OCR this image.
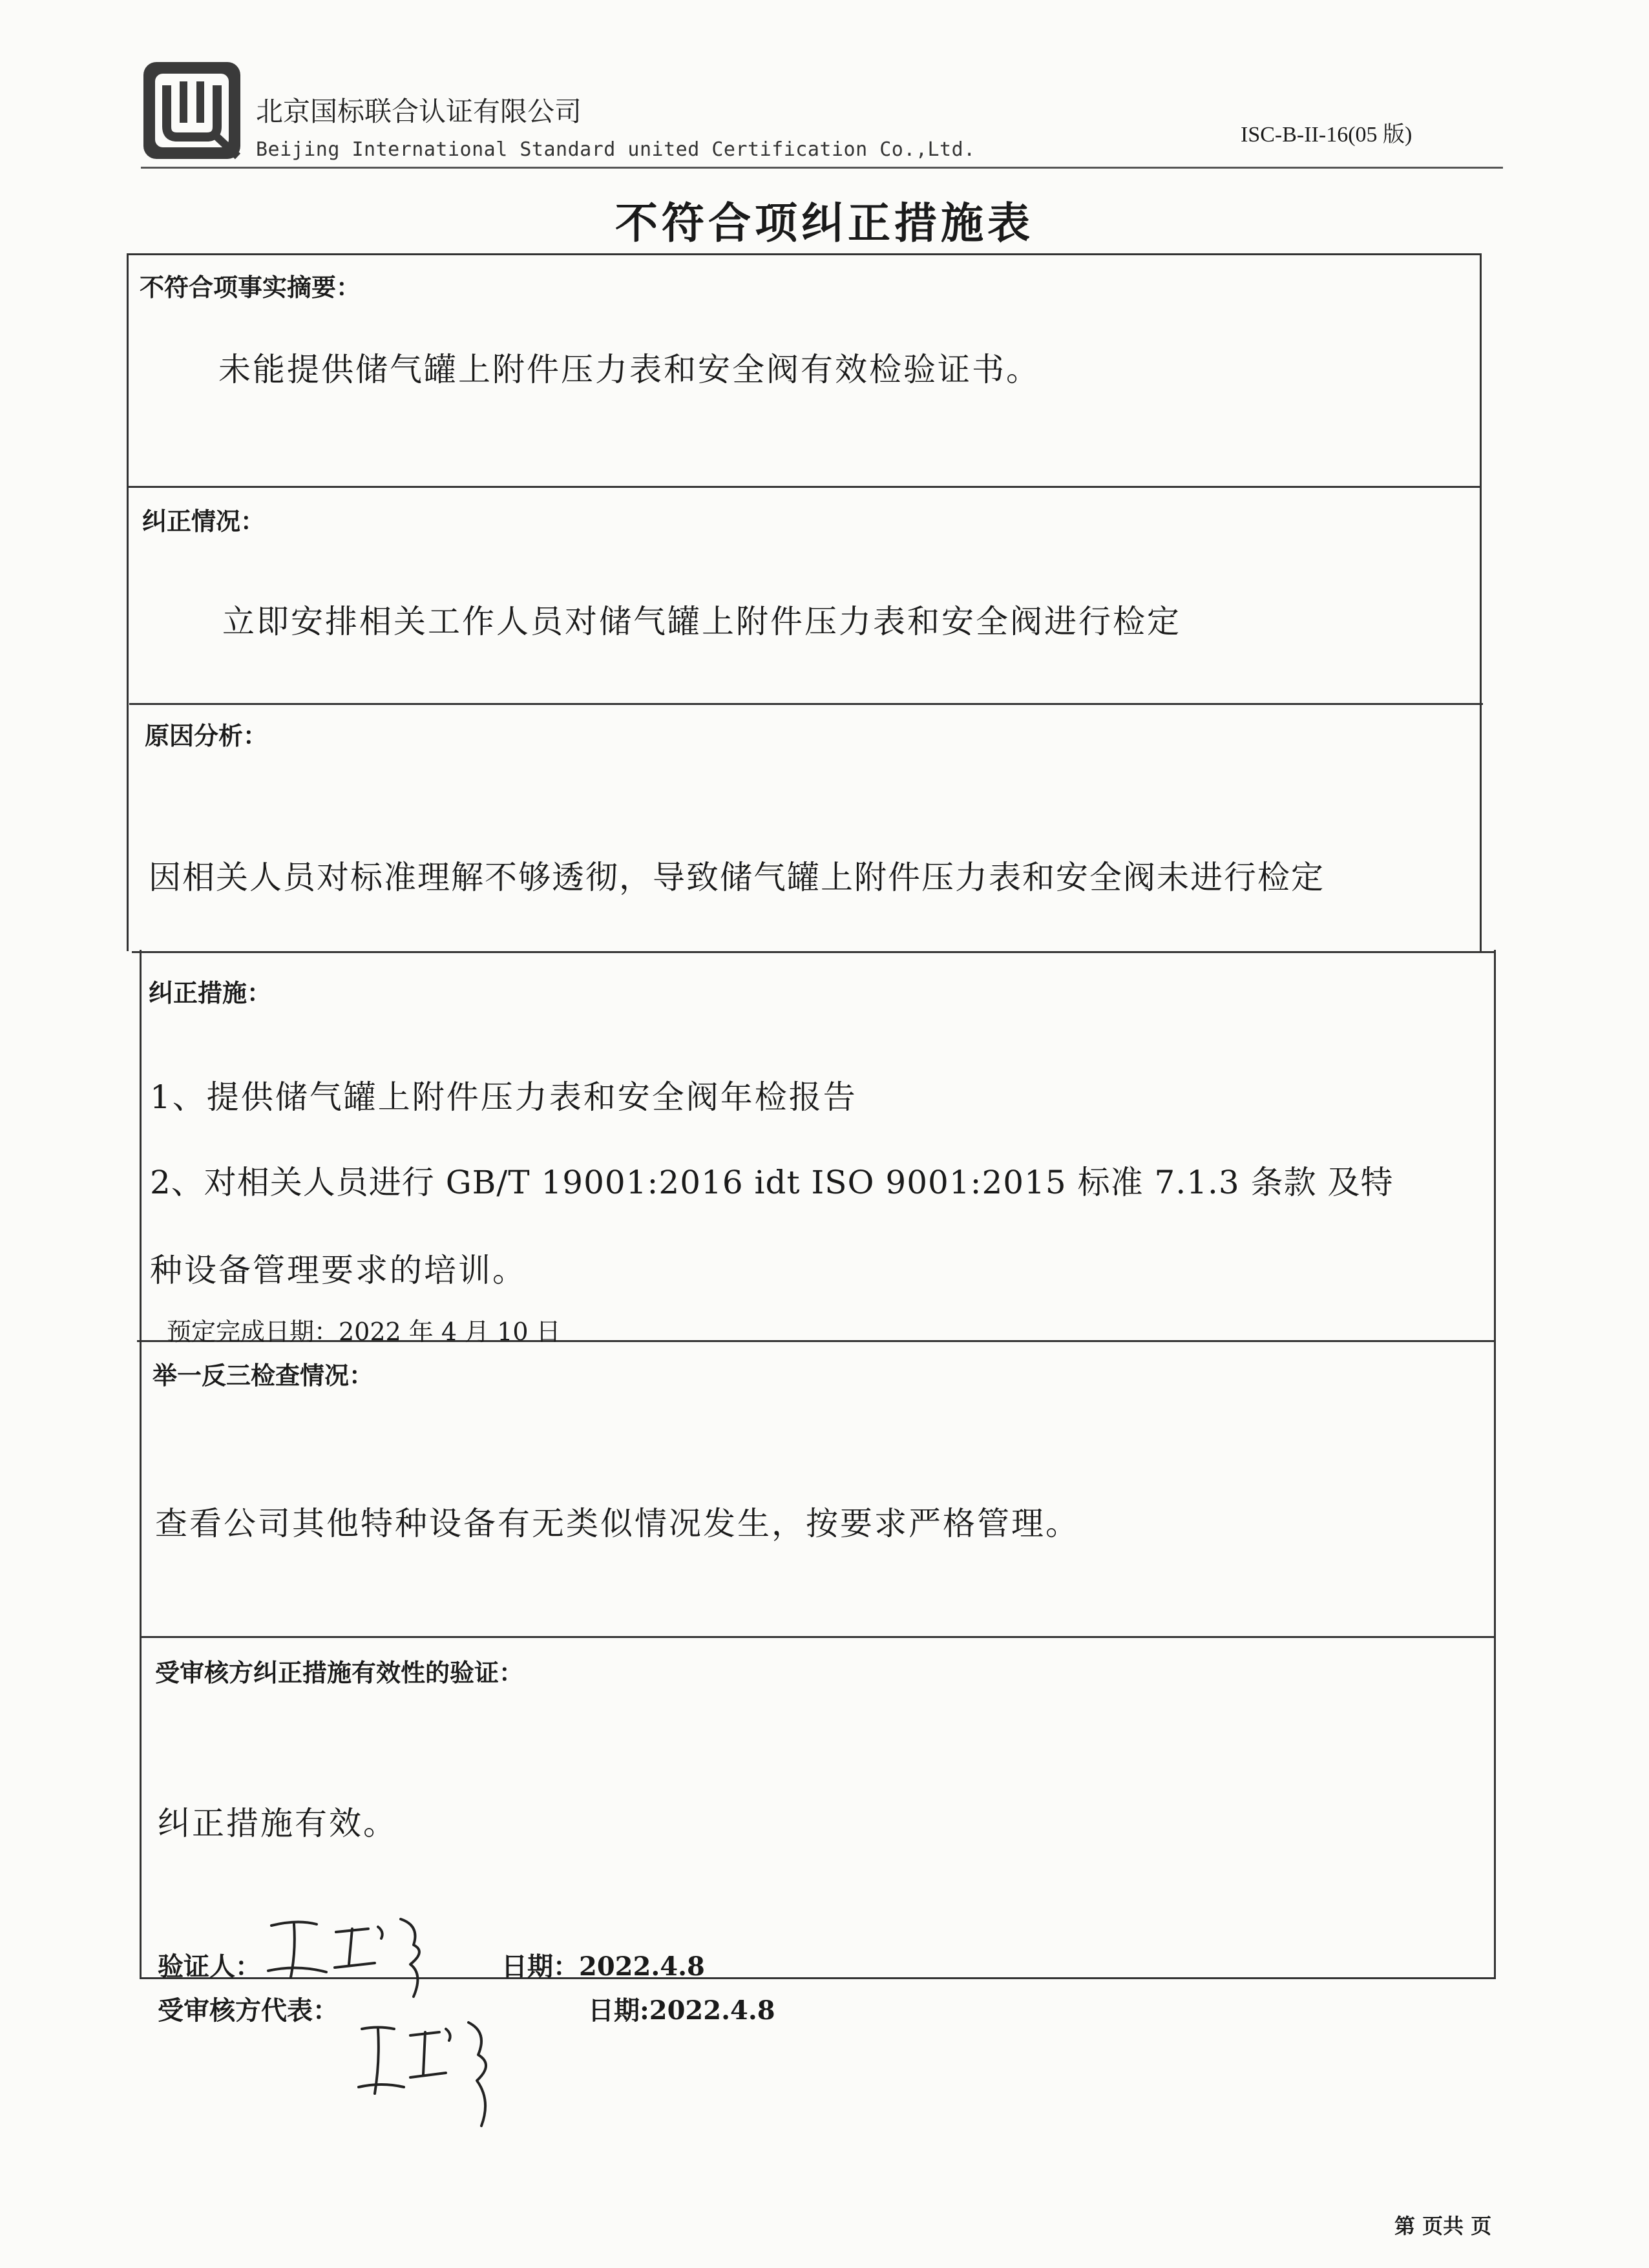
北京国标联合认证有限公司
Beijing International Standard united Certification Co.,Ltd.
ISC-B-II-16(05 版)
不符合项纠正措施表
不符合项事实摘要：
未能提供储气罐上附件压力表和安全阀有效检验证书。
纠正情况：
立即安排相关工作人员对储气罐上附件压力表和安全阀进行检定
原因分析：
因相关人员对标准理解不够透彻，导致储气罐上附件压力表和安全阀未进行检定
纠正措施：
1、提供储气罐上附件压力表和安全阀年检报告
2、对相关人员进行 GB/T 19001:2016 idt ISO 9001:2015 标准 7.1.3 条款 及特
种设备管理要求的培训。
预定完成日期：2022 年 4 月 10 日
举一反三检查情况：
查看公司其他特种设备有无类似情况发生，按要求严格管理。
受审核方纠正措施有效性的验证：
纠正措施有效。
验证人：	日期：2022.4.8
受审核方代表：	日期:2022.4.8
第 页共 页
